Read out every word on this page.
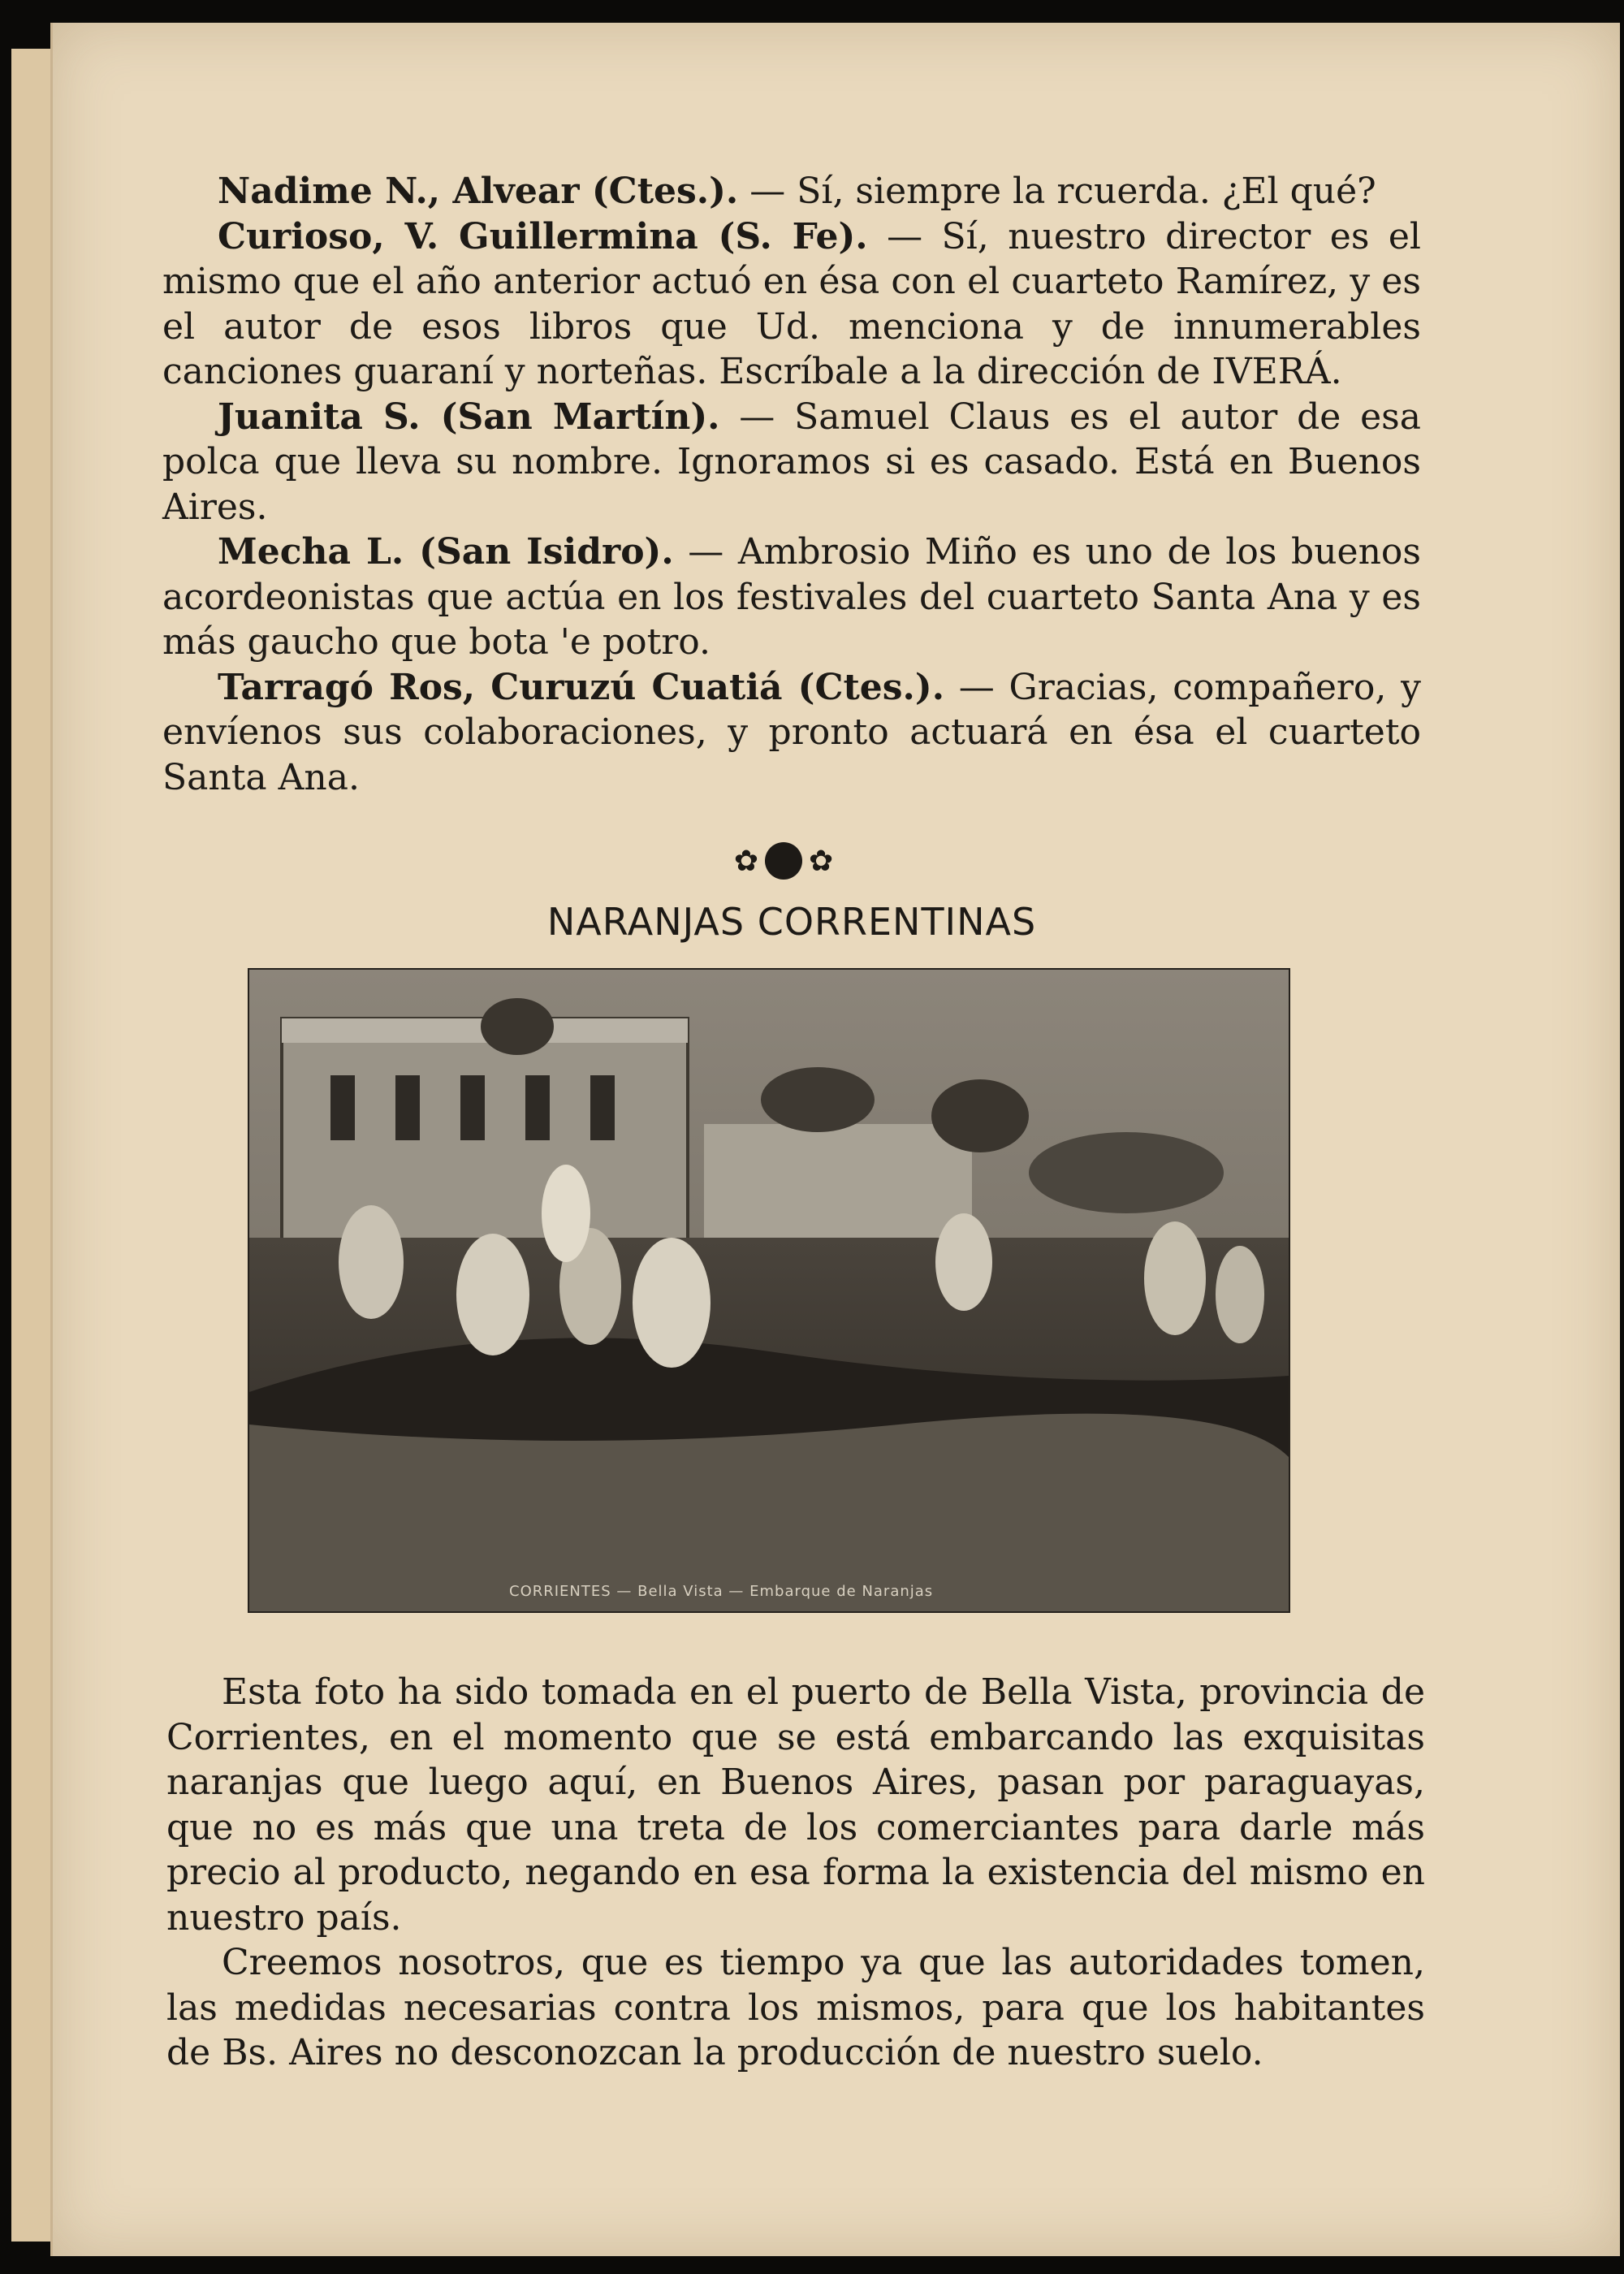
Nadime N., Alvear (Ctes.). — Sí, siempre la rcuerda. ¿El qué?

Curioso, V. Guillermina (S. Fe). — Sí, nuestro director es el mismo que el año anterior actuó en ésa con el cuarteto Ramírez, y es el autor de esos libros que Ud. menciona y de innumerables canciones guaraní y norteñas. Escríbale a la dirección de IVERÁ.

Juanita S. (San Martín). — Samuel Claus es el autor de esa polca que lleva su nombre. Ignoramos si es casado. Está en Buenos Aires.

Mecha L. (San Isidro). — Ambrosio Miño es uno de los buenos acordeonistas que actúa en los festivales del cuarteto Santa Ana y es más gaucho que bota 'e potro.

Tarragó Ros, Curuzú Cuatiá (Ctes.). — Gracias, compañero, y envíenos sus colaboraciones, y pronto actuará en ésa el cuarteto Santa Ana.

✿ ✿
NARANJAS CORRENTINAS
CORRIENTES — Bella Vista — Embarque de Naranjas

Esta foto ha sido tomada en el puerto de Bella Vista, provincia de Corrientes, en el momento que se está embarcando las exquisitas naranjas que luego aquí, en Buenos Aires, pasan por paraguayas, que no es más que una treta de los comerciantes para darle más precio al producto, negando en esa forma la existencia del mismo en nuestro país.

Creemos nosotros, que es tiempo ya que las autoridades tomen, las medidas necesarias contra los mismos, para que los habitantes de Bs. Aires no desconozcan la producción de nuestro suelo.
